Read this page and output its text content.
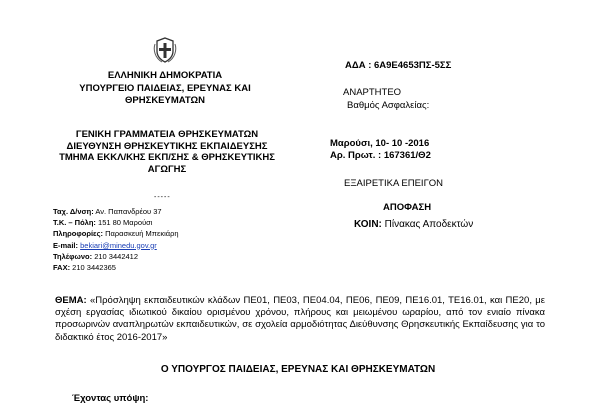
ΕΛΛΗΝΙΚΗ ΔΗΜΟΚΡΑΤΙΑ
ΥΠΟΥΡΓΕΙΟ ΠΑΙΔΕΙΑΣ, ΕΡΕΥΝΑΣ ΚΑΙ
ΘΡΗΣΚΕΥΜΑΤΩΝ
ΓΕΝΙΚΗ ΓΡΑΜΜΑΤΕΙΑ ΘΡΗΣΚΕΥΜΑΤΩΝ
ΔΙΕΥΘΥΝΣΗ ΘΡΗΣΚΕΥΤΙΚΗΣ ΕΚΠΑΙΔΕΥΣΗΣ
ΤΜΗΜΑ ΕΚΚΛ/ΚΗΣ ΕΚΠ/ΣΗΣ & ΘΡΗΣΚΕΥΤΙΚΗΣ
ΑΓΩΓΗΣ
-----
Ταχ. Δ/νση: Αν. Παπανδρέου 37
Τ.Κ. – Πόλη: 151 80 Μαρούσι
Πληροφορίες: Παρασκευή Μπεκιάρη
E-mail: bekiari@minedu.gov.gr
Τηλέφωνο: 210 3442412
FAX: 210 3442365
ΑΔΑ : 6Α9Ε4653ΠΣ-5ΣΣ
ΑΝΑΡΤΗΤΕΟ
Βαθμός Ασφαλείας:
Μαρούσι, 10- 10 -2016
Αρ. Πρωτ. : 167361/Θ2
ΕΞΑΙΡΕΤΙΚΑ ΕΠΕΙΓΟΝ
ΑΠΟΦΑΣΗ
ΚΟΙΝ: Πίνακας Αποδεκτών
ΘΕΜΑ: «Πρόσληψη εκπαιδευτικών κλάδων ΠΕ01, ΠΕ03, ΠΕ04.04, ΠΕ06, ΠΕ09, ΠΕ16.01, ΤΕ16.01, και ΠΕ20, με σχέση εργασίας ιδιωτικού δικαίου ορισμένου χρόνου, πλήρους και μειωμένου ωραρίου, από τον ενιαίο πίνακα προσωρινών αναπληρωτών εκπαιδευτικών, σε σχολεία αρμοδιότητας Διεύθυνσης Θρησκευτικής Εκπαίδευσης για το διδακτικό έτος 2016-2017»
Ο ΥΠΟΥΡΓΟΣ ΠΑΙΔΕΙΑΣ, ΕΡΕΥΝΑΣ ΚΑΙ ΘΡΗΣΚΕΥΜΑΤΩΝ
Έχοντας υπόψη:
